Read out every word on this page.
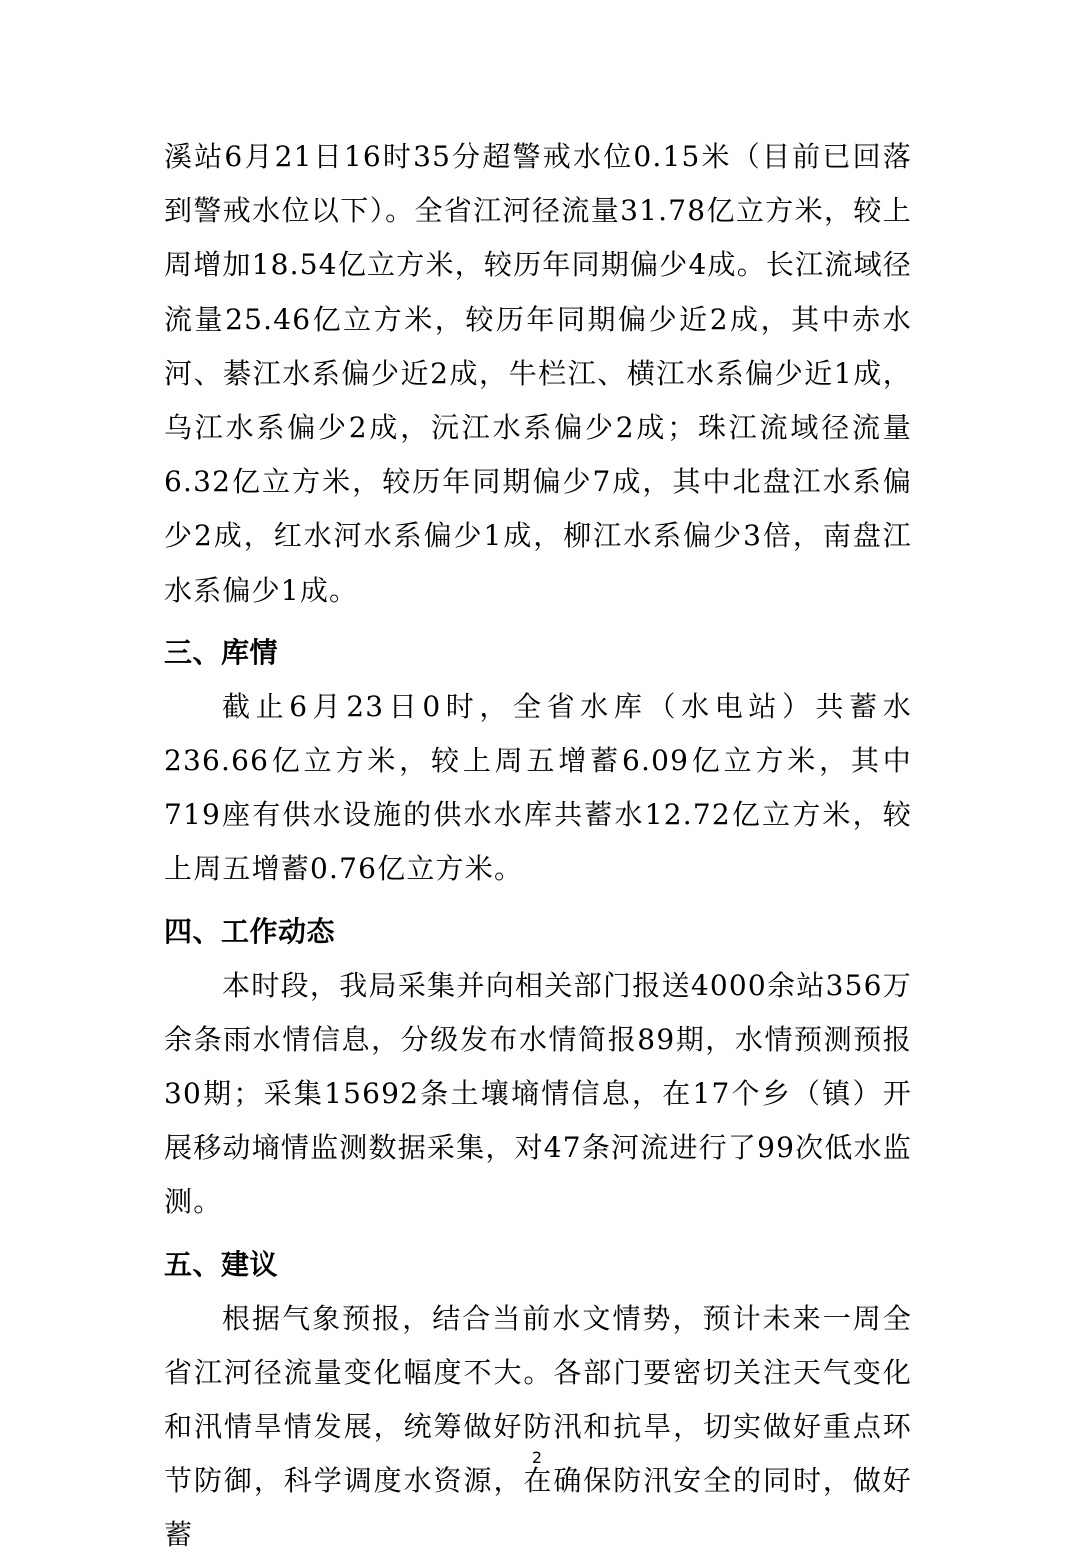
溪站6月21日16时35分超警戒水位0.15米（目前已回落到警戒水位以下）。全省江河径流量31.78亿立方米，较上周增加18.54亿立方米，较历年同期偏少4成。长江流域径流量25.46亿立方米，较历年同期偏少近2成，其中赤水河、綦江水系偏少近2成，牛栏江、横江水系偏少近1成，乌江水系偏少2成，沅江水系偏少2成；珠江流域径流量6.32亿立方米，较历年同期偏少7成，其中北盘江水系偏少2成，红水河水系偏少1成，柳江水系偏少3倍，南盘江水系偏少1成。

三、库情

截止6月23日0时，全省水库（水电站）共蓄水236.66亿立方米，较上周五增蓄6.09亿立方米，其中719座有供水设施的供水水库共蓄水12.72亿立方米，较上周五增蓄0.76亿立方米。

四、工作动态

本时段，我局采集并向相关部门报送4000余站356万余条雨水情信息，分级发布水情简报89期，水情预测预报30期；采集15692条土壤墒情信息，在17个乡（镇）开展移动墒情监测数据采集，对47条河流进行了99次低水监测。

五、建议

根据气象预报，结合当前水文情势，预计未来一周全省江河径流量变化幅度不大。各部门要密切关注天气变化和汛情旱情发展，统筹做好防汛和抗旱，切实做好重点环节防御，科学调度水资源，在确保防汛安全的同时，做好蓄

2
